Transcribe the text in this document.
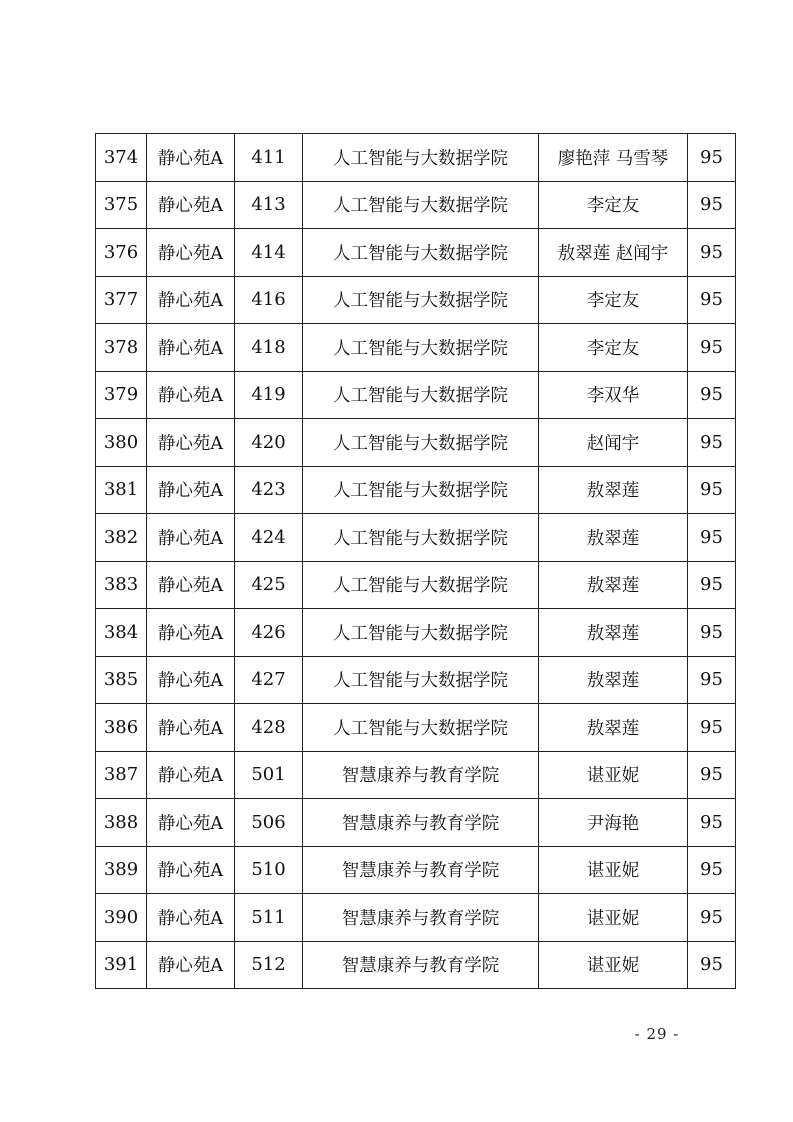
374	静心苑A	411	人工智能与大数据学院	廖艳萍 马雪琴	95
375	静心苑A	413	人工智能与大数据学院	李定友	95
376	静心苑A	414	人工智能与大数据学院	敖翠莲 赵闻宇	95
377	静心苑A	416	人工智能与大数据学院	李定友	95
378	静心苑A	418	人工智能与大数据学院	李定友	95
379	静心苑A	419	人工智能与大数据学院	李双华	95
380	静心苑A	420	人工智能与大数据学院	赵闻宇	95
381	静心苑A	423	人工智能与大数据学院	敖翠莲	95
382	静心苑A	424	人工智能与大数据学院	敖翠莲	95
383	静心苑A	425	人工智能与大数据学院	敖翠莲	95
384	静心苑A	426	人工智能与大数据学院	敖翠莲	95
385	静心苑A	427	人工智能与大数据学院	敖翠莲	95
386	静心苑A	428	人工智能与大数据学院	敖翠莲	95
387	静心苑A	501	智慧康养与教育学院	谌亚妮	95
388	静心苑A	506	智慧康养与教育学院	尹海艳	95
389	静心苑A	510	智慧康养与教育学院	谌亚妮	95
390	静心苑A	511	智慧康养与教育学院	谌亚妮	95
391	静心苑A	512	智慧康养与教育学院	谌亚妮	95
- 29 -
